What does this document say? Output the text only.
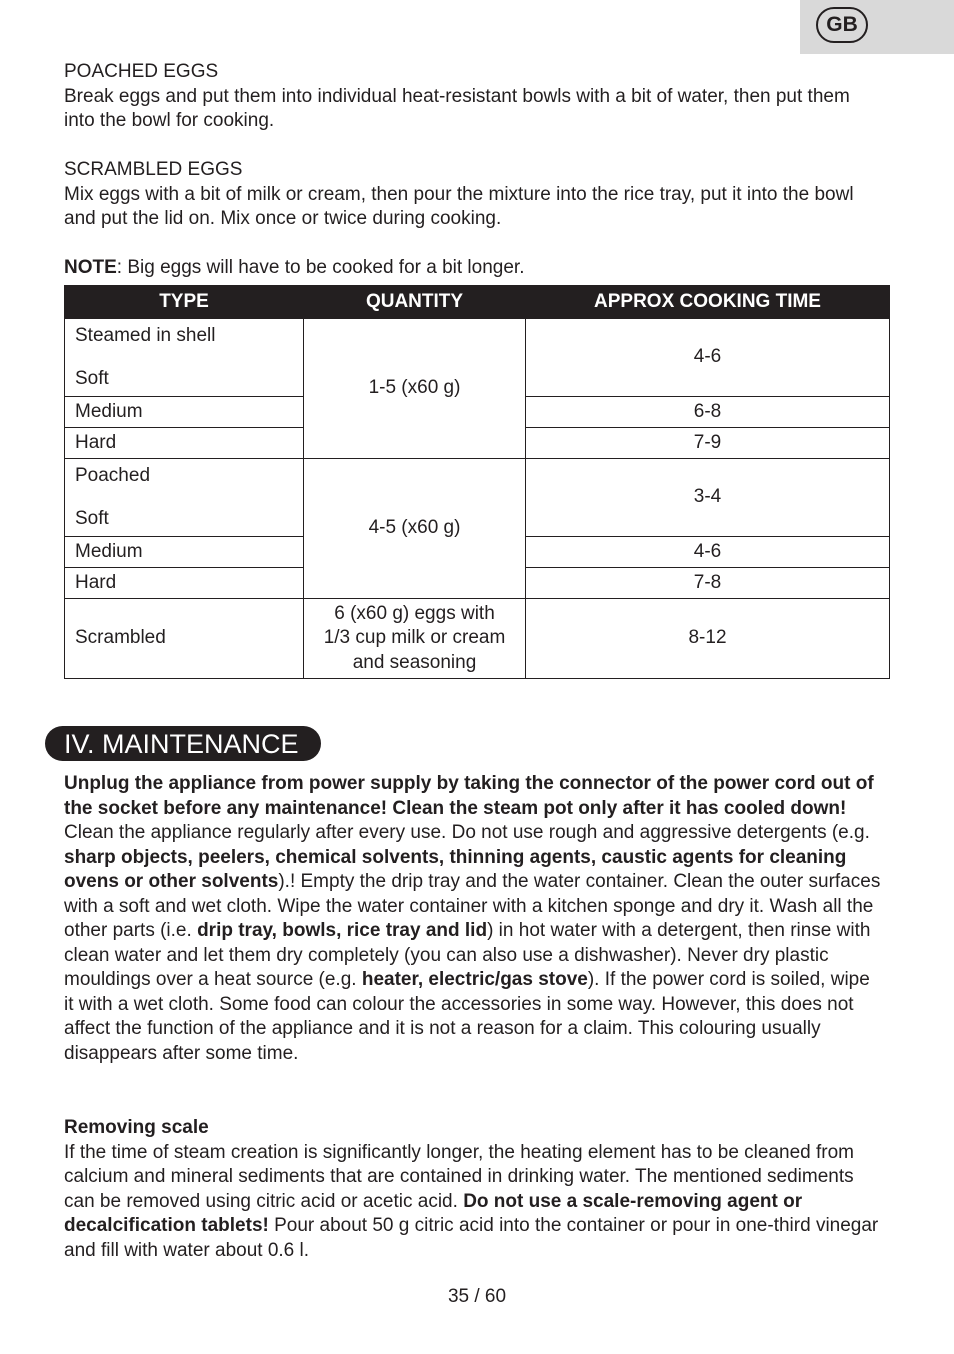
GB
POACHED EGGS

Break eggs and put them into individual heat-resistant bowls with a bit of water, then put them into the bowl for cooking.

SCRAMBLED EGGS

Mix eggs with a bit of milk or cream, then pour the mixture into the rice tray, put it into the bowl and put the lid on. Mix once or twice during cooking.

NOTE: Big eggs will have to be cooked for a bit longer.
TYPE	QUANTITY	APPROX COOKING TIME

Steamed in shell
Soft	1-5 (x60 g)	4-6
Medium		6-8
Hard		7-9

Poached
Soft	4-5 (x60 g)	3-4
Medium		4-6
Hard		7-8
Scrambled	6 (x60 g) eggs with
1/3 cup milk or cream
and seasoning	8-12
IV. MAINTENANCE

Unplug the appliance from power supply by taking the connector of the power cord out of the socket before any maintenance! Clean the steam pot only after it has cooled down! Clean the appliance regularly after every use. Do not use rough and aggressive detergents (e.g. sharp objects, peelers, chemical solvents, thinning agents, caustic agents for cleaning ovens or other solvents).! Empty the drip tray and the water container. Clean the outer surfaces with a soft and wet cloth. Wipe the water container with a kitchen sponge and dry it. Wash all the other parts (i.e. drip tray, bowls, rice tray and lid) in hot water with a detergent, then rinse with clean water and let them dry completely (you can also use a dishwasher). Never dry plastic mouldings over a heat source (e.g. heater, electric/gas stove). If the power cord is soiled, wipe it with a wet cloth. Some food can colour the accessories in some way. However, this does not affect the function of the appliance and it is not a reason for a claim. This colouring usually disappears after some time.

Removing scale

If the time of steam creation is significantly longer, the heating element has to be cleaned from calcium and mineral sediments that are contained in drinking water. The mentioned sediments can be removed using citric acid or acetic acid. Do not use a scale-removing agent or decalcification tablets! Pour about 50 g citric acid into the container or pour in one-third vinegar and fill with water about 0.6 l.

35 / 60
